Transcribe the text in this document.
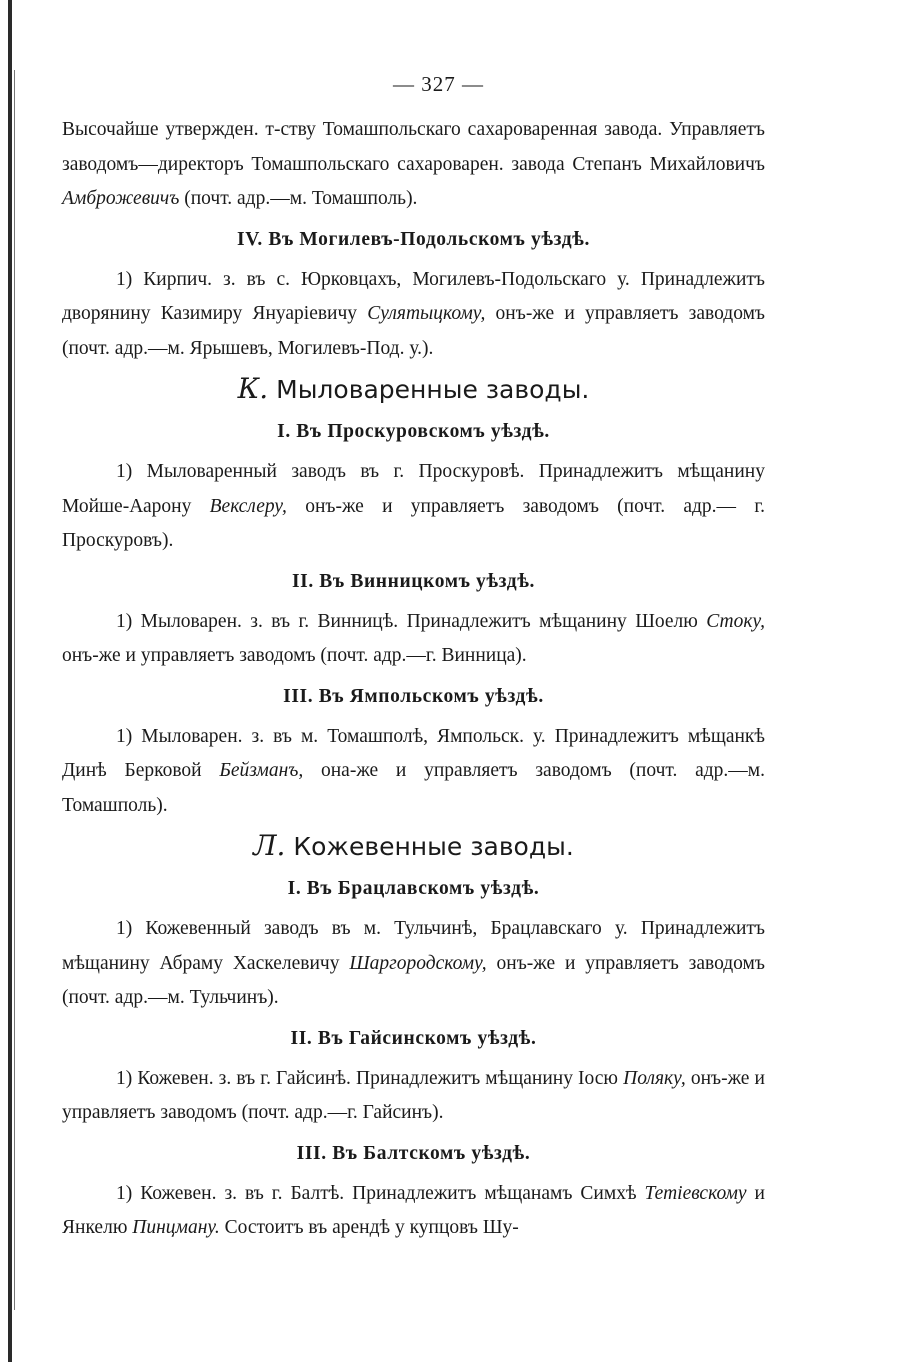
— 327 —

Высочайше утвержден. т-ству Томашпольскаго сахароваренная завода. Управляетъ заводомъ—директоръ Томашпольскаго сахароварен. завода Степанъ Михайловичъ Амброжевичъ (почт. адр.—м. Томашполь).

IV. Въ Могилевъ-Подольскомъ уѣздѣ.

1) Кирпич. з. въ с. Юрковцахъ, Могилевъ-Подольскаго у. Принадлежитъ дворянину Казимиру Януаріевичу Сулятыцкому, онъ-же и управляетъ заводомъ (почт. адр.—м. Ярышевъ, Могилевъ-Под. у.).

К. Мыловаренные заводы.
I. Въ Проскуровскомъ уѣздѣ.

1) Мыловаренный заводъ въ г. Проскуровѣ. Принадлежитъ мѣщанину Мойше-Аарону Векслеру, онъ-же и управляетъ заводомъ (почт. адр.— г. Проскуровъ).

II. Въ Винницкомъ уѣздѣ.

1) Мыловарен. з. въ г. Винницѣ. Принадлежитъ мѣщанину Шоелю Стоку, онъ-же и управляетъ заводомъ (почт. адр.—г. Винница).

III. Въ Ямпольскомъ уѣздѣ.

1) Мыловарен. з. въ м. Томашполѣ, Ямпольск. у. Принадлежитъ мѣщанкѣ Динѣ Берковой Бейзманъ, она-же и управляетъ заводомъ (почт. адр.—м. Томашполь).

Л. Кожевенные заводы.
I. Въ Брацлавскомъ уѣздѣ.

1) Кожевенный заводъ въ м. Тульчинѣ, Брацлавскаго у. Принадлежитъ мѣщанину Абраму Хаскелевичу Шаргородскому, онъ-же и управляетъ заводомъ (почт. адр.—м. Тульчинъ).

II. Въ Гайсинскомъ уѣздѣ.

1) Кожевен. з. въ г. Гайсинѣ. Принадлежитъ мѣщанину Іосю Поляку, онъ-же и управляетъ заводомъ (почт. адр.—г. Гайсинъ).

III. Въ Балтскомъ уѣздѣ.

1) Кожевен. з. въ г. Балтѣ. Принадлежитъ мѣщанамъ Симхѣ Тетіевскому и Янкелю Пинцману. Состоитъ въ арендѣ у купцовъ Шу-
